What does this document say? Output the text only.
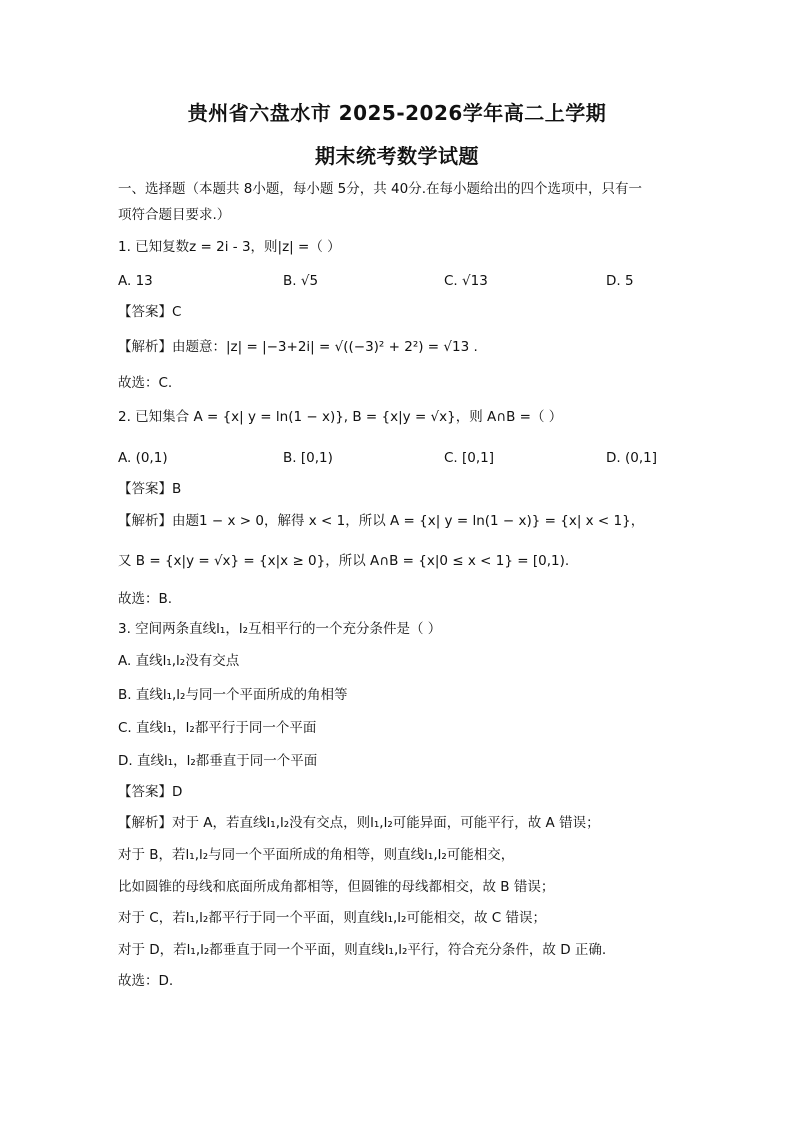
贵州省六盘水市 2025-2026学年高二上学期
期末统考数学试题
一、选择题（本题共 8小题，每小题 5分，共 40分.在每小题给出的四个选项中，只有一
项符合题目要求.）
1. 已知复数z = 2i - 3，则|z| =（ ）
A. 13	B. √5	C. √13	D. 5
【答案】C
【解析】由题意：|z| = |−3+2i| = √((−3)² + 2²) = √13 .
故选：C.
2. 已知集合 A = {x| y = ln(1 − x)}, B = {x|y = √x}，则 A∩B =（ ）
A. (0,1)	B. [0,1)	C. [0,1]	D. (0,1]
【答案】B
【解析】由题1 − x > 0，解得 x < 1，所以 A = {x| y = ln(1 − x)} = {x| x < 1}，
又 B = {x|y = √x} = {x|x ≥ 0}，所以 A∩B = {x|0 ≤ x < 1} = [0,1).
故选：B.
3. 空间两条直线l₁，l₂互相平行的一个充分条件是（ ）
A. 直线l₁,l₂没有交点
B. 直线l₁,l₂与同一个平面所成的角相等
C. 直线l₁，l₂都平行于同一个平面
D. 直线l₁，l₂都垂直于同一个平面
【答案】D
【解析】对于 A，若直线l₁,l₂没有交点，则l₁,l₂可能异面，可能平行，故 A 错误；
对于 B，若l₁,l₂与同一个平面所成的角相等，则直线l₁,l₂可能相交，
比如圆锥的母线和底面所成角都相等，但圆锥的母线都相交，故 B 错误；
对于 C，若l₁,l₂都平行于同一个平面，则直线l₁,l₂可能相交，故 C 错误；
对于 D，若l₁,l₂都垂直于同一个平面，则直线l₁,l₂平行，符合充分条件，故 D 正确.
故选：D.
